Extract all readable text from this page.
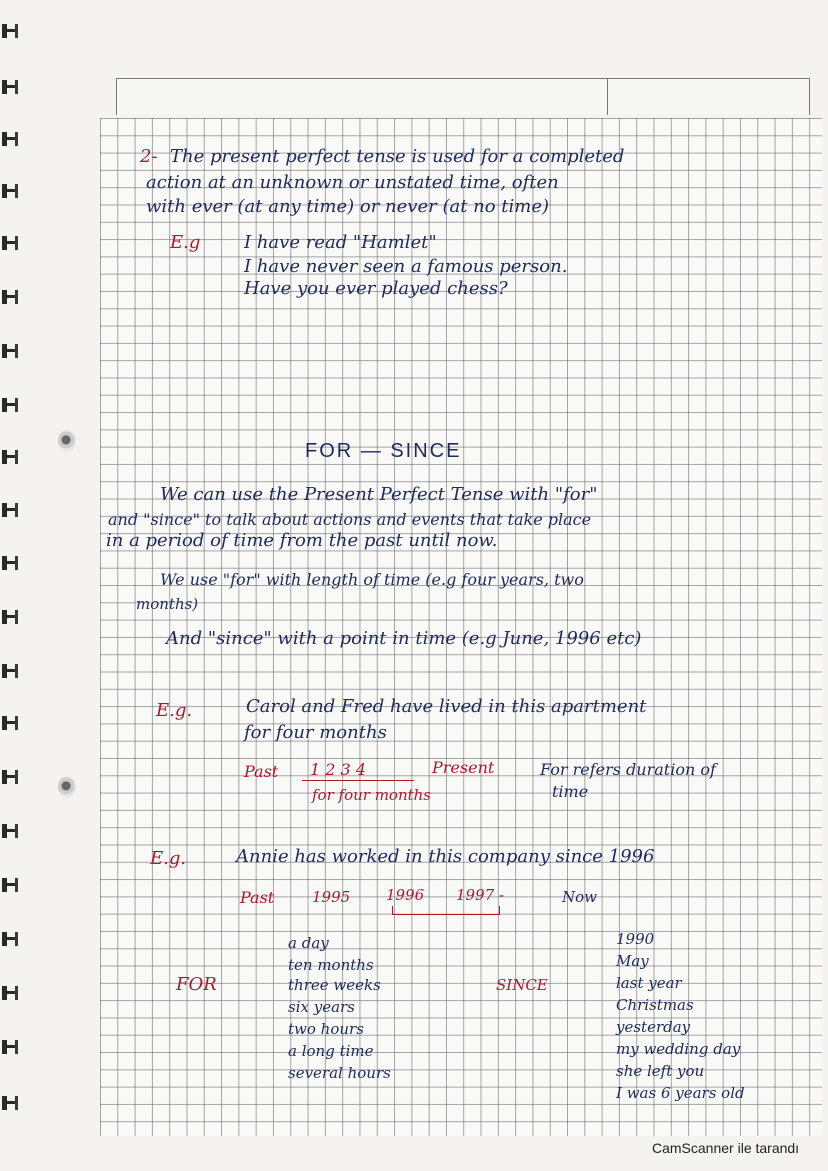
2- The present perfect tense is used for a completed
action at an unknown or unstated time, often
with ever (at any time) or never (at no time)
E.g I have read "Hamlet"
I have never seen a famous person.
Have you ever played chess?
FOR — SINCE
We can use the Present Perfect Tense with "for"
and "since" to talk about actions and events that take place
in a period of time from the past until now.
We use "for" with length of time (e.g four years, two
months)
And "since" with a point in time (e.g June, 1996 etc)
E.g.	Carol and Fred have lived in this apartment
for four months
Past 1 2 3 4	Present
for four months
For refers duration of
time
E.g.	Annie has worked in this company since 1996
Past	1995 1996 1997 -	Now
FOR
a day
ten months
three weeks
six years
two hours
a long time
several hours
SINCE
1990
May
last year
Christmas
yesterday
my wedding day
she left you
I was 6 years old
CamScanner ile tarandı
